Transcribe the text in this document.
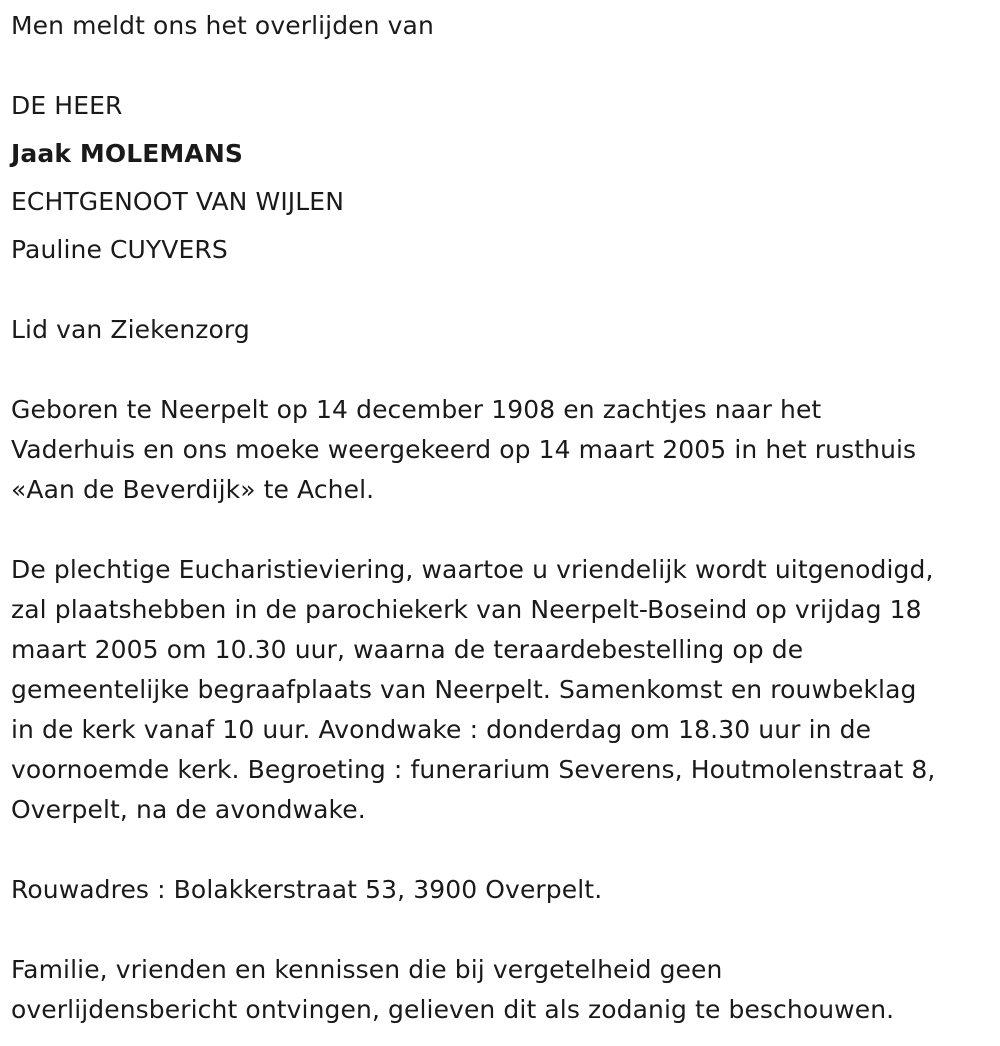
Men meldt ons het overlijden van
DE HEER
Jaak MOLEMANS
ECHTGENOOT VAN WIJLEN
Pauline CUYVERS
Lid van Ziekenzorg
Geboren te Neerpelt op 14 december 1908 en zachtjes naar het
Vaderhuis en ons moeke weergekeerd op 14 maart 2005 in het rusthuis
«Aan de Beverdijk» te Achel.
De plechtige Eucharistieviering, waartoe u vriendelijk wordt uitgenodigd,
zal plaatshebben in de parochiekerk van Neerpelt-Boseind op vrijdag 18
maart 2005 om 10.30 uur, waarna de teraardebestelling op de
gemeentelijke begraafplaats van Neerpelt. Samenkomst en rouwbeklag
in de kerk vanaf 10 uur. Avondwake : donderdag om 18.30 uur in de
voornoemde kerk. Begroeting : funerarium Severens, Houtmolenstraat 8,
Overpelt, na de avondwake.
Rouwadres : Bolakkerstraat 53, 3900 Overpelt.
Familie, vrienden en kennissen die bij vergetelheid geen
overlijdensbericht ontvingen, gelieven dit als zodanig te beschouwen.
